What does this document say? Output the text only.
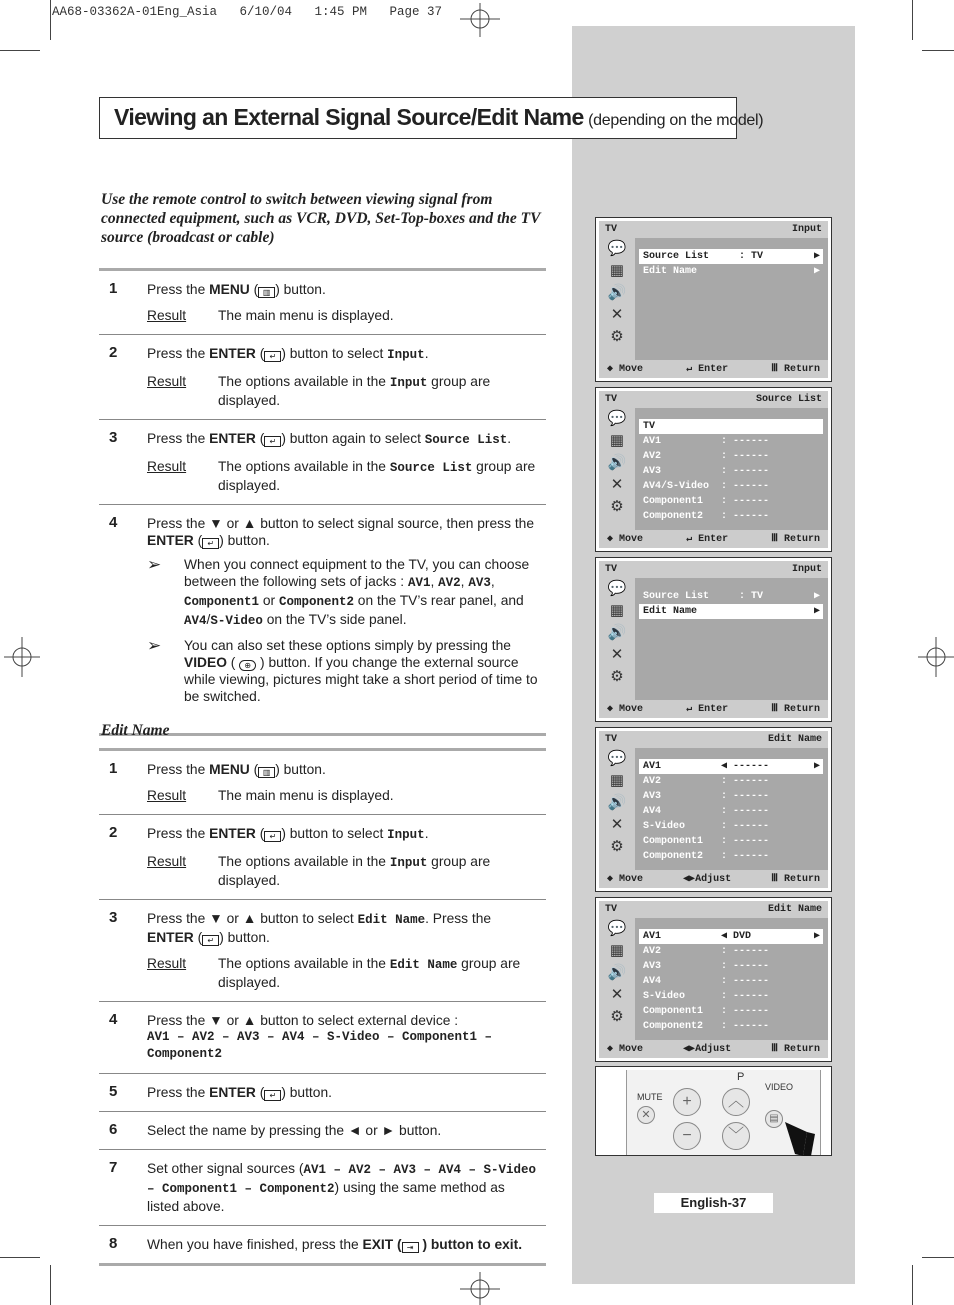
AA68-03362A-01Eng_Asia   6/10/04   1:45 PM   Page 37
Viewing an External Signal Source/Edit Name (depending on the model)
Use the remote control to switch between viewing signal from connected equipment, such as VCR, DVD, Set-Top-boxes and the TV source (broadcast or cable)
1 Press the MENU ( ▥ ) button.
Result	The main menu is displayed.
2 Press the ENTER ( ↵ ) button to select Input.
Result	The options available in the Input group are displayed.
3 Press the ENTER ( ↵ ) button again to select Source List.
Result	The options available in the Source List group are displayed.
4 Press the ▼ or ▲ button to select signal source, then press the ENTER ( ↵ ) button.
➢	When you connect equipment to the TV, you can choose between the following sets of jacks : AV1, AV2, AV3, Component1 or Component2 on the TV’s rear panel, and AV4/S-Video on the TV’s side panel.
➢	You can also set these options simply by pressing the VIDEO ( ⊕ ) button. If you change the external source while viewing, pictures might take a short period of time to be switched.
Edit Name
1 Press the MENU ( ▥ ) button.
Result	The main menu is displayed.
2 Press the ENTER ( ↵ ) button to select Input.
Result	The options available in the Input group are displayed.
3 Press the ▼ or ▲ button to select Edit Name. Press the ENTER ( ↵ ) button.
Result	The options available in the Edit Name group are displayed.
4 Press the ▼ or ▲ button to select external device :
AV1 – AV2 – AV3 – AV4 – S-Video – Component1 – Component2
5 Press the ENTER ( ↵ ) button.
6 Select the name by pressing the ◄ or ► button.
7 Set other signal sources (AV1 – AV2 – AV3 – AV4 – S-Video – Component1 – Component2) using the same method as listed above.
8 When you have finished, press the EXIT ( ⇥ ) button to exit.
TV	Input
💬
▦
🔊
✕
⚙
Source List     : TV	▶
Edit Name	▶
◆ Move	↵ Enter	Ⅲ Return
TV	Source List
💬
▦
🔊
✕
⚙
TV
AV1          : ------
AV2          : ------
AV3          : ------
AV4/S-Video  : ------
Component1   : ------
Component2   : ------
◆ Move	↵ Enter	Ⅲ Return
TV	Input
💬
▦
🔊
✕
⚙
Source List     : TV	▶
Edit Name	▶
◆ Move	↵ Enter	Ⅲ Return
TV	Edit Name
💬
▦
🔊
✕
⚙
AV1          ◀ ------	▶
AV2          : ------
AV3          : ------
AV4          : ------
S-Video      : ------
Component1   : ------
Component2   : ------
◆ Move	◀▶Adjust	Ⅲ Return
TV	Edit Name
💬
▦
🔊
✕
⚙
AV1          ◀ DVD	▶
AV2          : ------
AV3          : ------
AV4          : ------
S-Video      : ------
Component1   : ------
Component2   : ------
◆ Move	◀▶Adjust	Ⅲ Return
MUTE
P
VIDEO
✕
+
−
︿
﹀
▤
English-37
